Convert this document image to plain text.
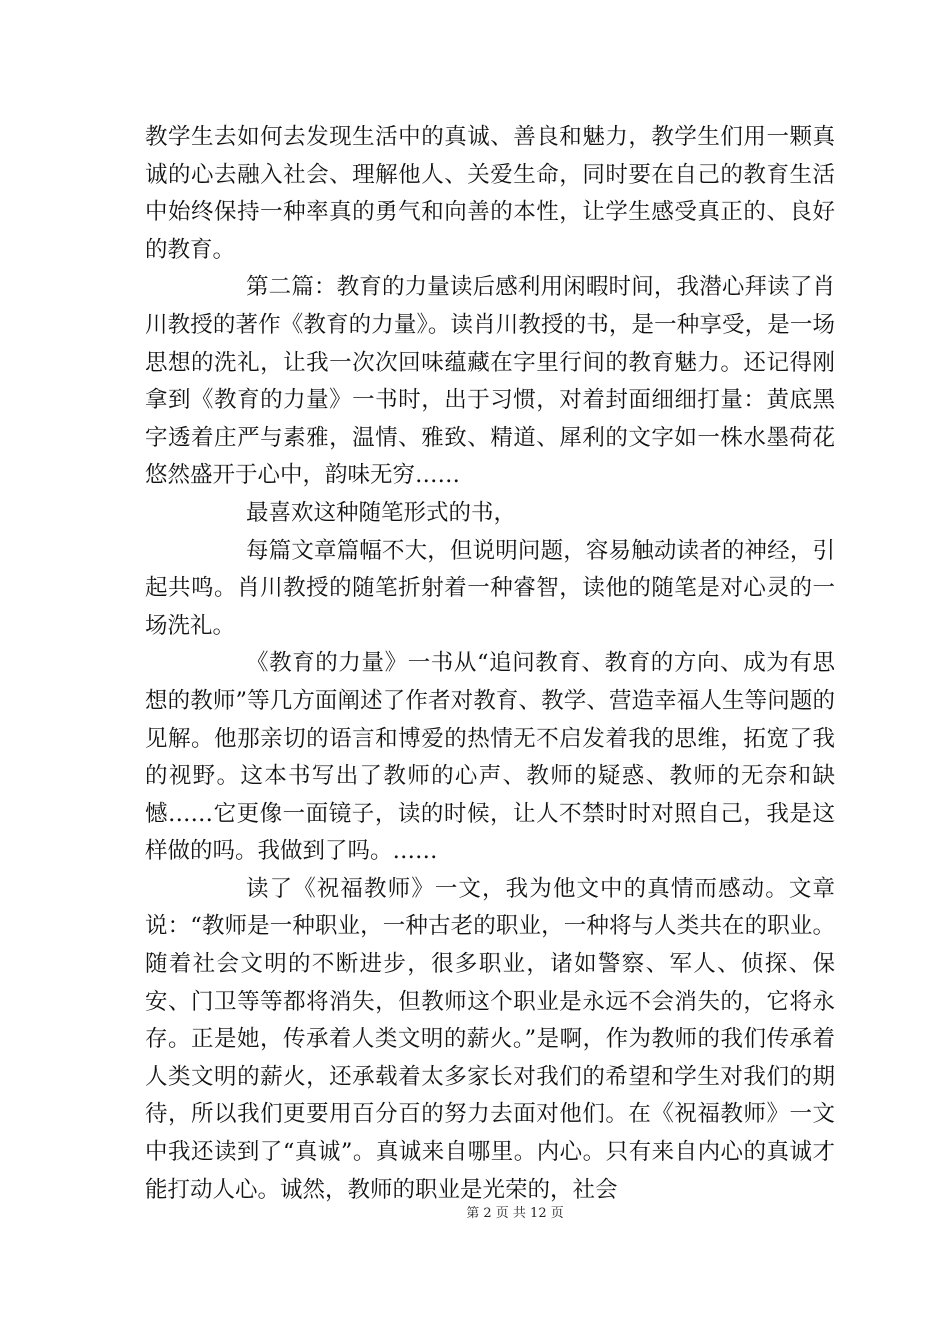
教学生去如何去发现生活中的真诚、善良和魅力，教学生们用一颗真诚的心去融入社会、理解他人、关爱生命，同时要在自己的教育生活中始终保持一种率真的勇气和向善的本性，让学生感受真正的、良好的教育。

第二篇：教育的力量读后感利用闲暇时间，我潜心拜读了肖川教授的著作《教育的力量》。读肖川教授的书，是一种享受，是一场思想的洗礼，让我一次次回味蕴藏在字里行间的教育魅力。还记得刚拿到《教育的力量》一书时，出于习惯，对着封面细细打量：黄底黑字透着庄严与素雅，温情、雅致、精道、犀利的文字如一株水墨荷花悠然盛开于心中，韵味无穷……

最喜欢这种随笔形式的书，

每篇文章篇幅不大，但说明问题，容易触动读者的神经，引起共鸣。肖川教授的随笔折射着一种睿智，读他的随笔是对心灵的一场洗礼。

《教育的力量》一书从“追问教育、教育的方向、成为有思想的教师”等几方面阐述了作者对教育、教学、营造幸福人生等问题的见解。他那亲切的语言和博爱的热情无不启发着我的思维，拓宽了我的视野。这本书写出了教师的心声、教师的疑惑、教师的无奈和缺憾……它更像一面镜子，读的时候，让人不禁时时对照自己，我是这样做的吗。我做到了吗。……

读了《祝福教师》一文，我为他文中的真情而感动。文章说：“教师是一种职业，一种古老的职业，一种将与人类共在的职业。随着社会文明的不断进步，很多职业，诸如警察、军人、侦探、保安、门卫等等都将消失，但教师这个职业是永远不会消失的，它将永存。正是她，传承着人类文明的薪火。”是啊，作为教师的我们传承着人类文明的薪火，还承载着太多家长对我们的希望和学生对我们的期待，所以我们更要用百分百的努力去面对他们。在《祝福教师》一文中我还读到了“真诚”。真诚来自哪里。内心。只有来自内心的真诚才能打动人心。诚然，教师的职业是光荣的，社会

第 2 页 共 12 页
